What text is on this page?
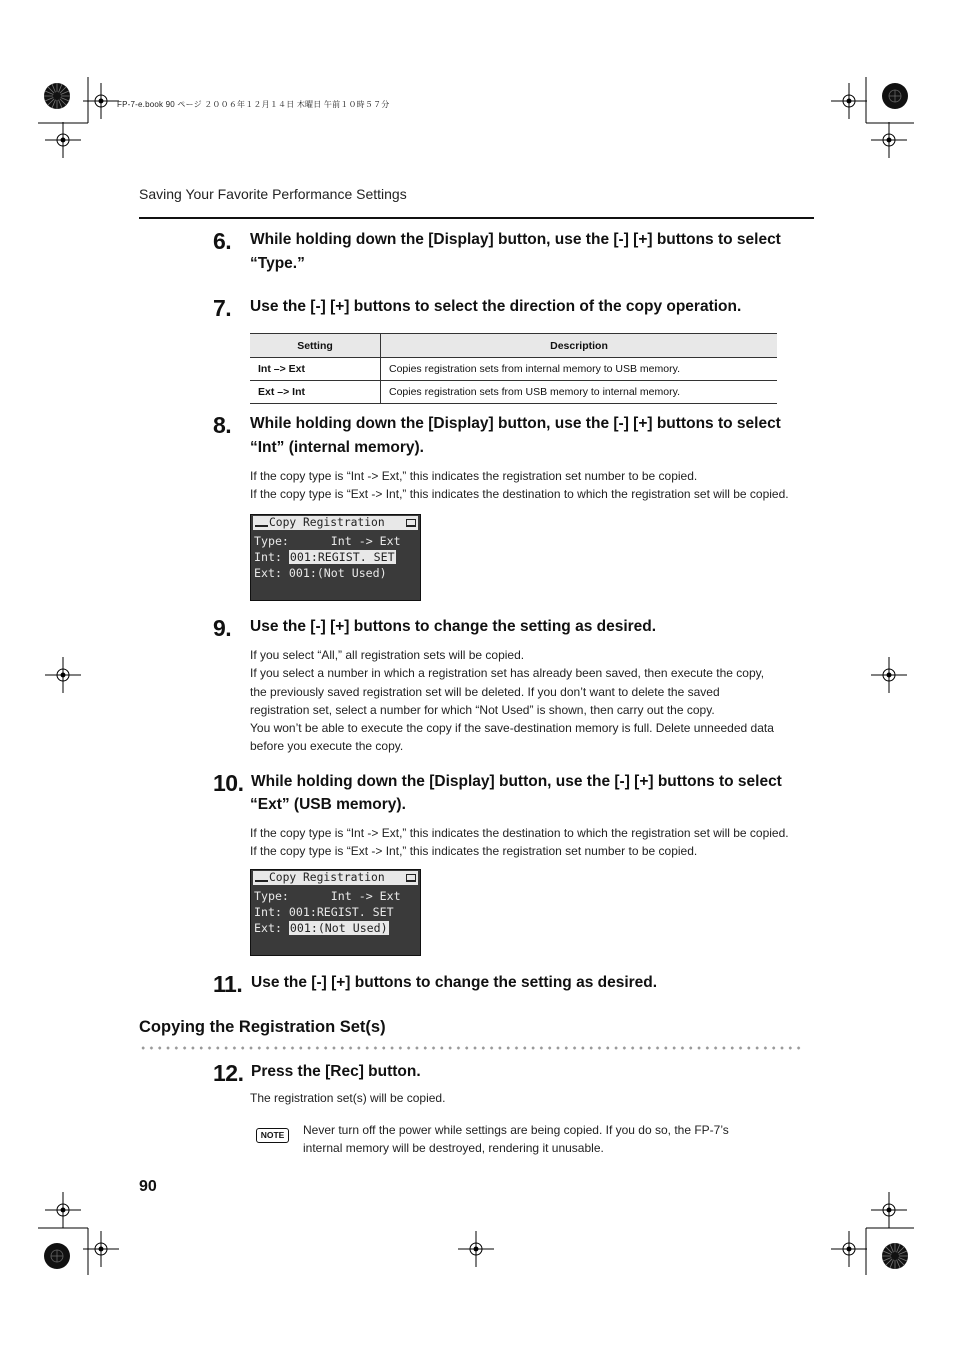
FP-7-e.book 90 ページ ２００６年１２月１４日 木曜日 午前１０時５７分
Saving Your Favorite Performance Settings
6. While holding down the [Display] button, use the [-] [+] buttons to select
“Type.”
7. Use the [-] [+] buttons to select the direction of the copy operation.
Setting	Description
Int –> Ext	Copies registration sets from internal memory to USB memory.
Ext –> Int	Copies registration sets from USB memory to internal memory.
8. While holding down the [Display] button, use the [-] [+] buttons to select
“Int” (internal memory).
If the copy type is “Int -> Ext,” this indicates the registration set number to be copied.
If the copy type is “Ext -> Int,” this indicates the destination to which the registration set will be copied.
Copy Registration
Type:	Int -> Ext
Int: 001:REGIST. SET
Ext: 001:(Not Used)
9. Use the [-] [+] buttons to change the setting as desired.
If you select “All,” all registration sets will be copied.
If you select a number in which a registration set has already been saved, then execute the copy,
the previously saved registration set will be deleted. If you don’t want to delete the saved
registration set, select a number for which “Not Used” is shown, then carry out the copy.
You won’t be able to execute the copy if the save-destination memory is full. Delete unneeded data
before you execute the copy.
10. While holding down the [Display] button, use the [-] [+] buttons to select
“Ext” (USB memory).
If the copy type is “Int -> Ext,” this indicates the destination to which the registration set will be copied.
If the copy type is “Ext -> Int,” this indicates the registration set number to be copied.
Copy Registration
Type:	Int -> Ext
Int: 001:REGIST. SET
Ext: 001:(Not Used)
11. Use the [-] [+] buttons to change the setting as desired.
Copying the Registration Set(s)
12. Press the [Rec] button.
The registration set(s) will be copied.
NOTE	Never turn off the power while settings are being copied. If you do so, the FP-7’s
internal memory will be destroyed, rendering it unusable.
90
